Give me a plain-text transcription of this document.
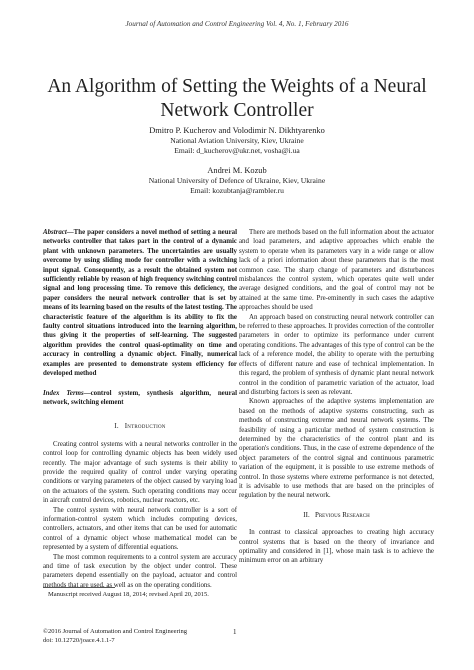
Journal of Automation and Control Engineering Vol. 4, No. 1, February 2016
An Algorithm of Setting the Weights of a Neural
Network Controller
Dmitro P. Kucherov and Volodimir N. Dikhtyarenko
National Aviation University, Kiev, Ukraine
Email: d_kucherov@ukr.net, vosha@i.ua
Andrei M. Kozub
National University of Defence of Ukraine, Kiev, Ukraine
Email: kozubtanja@rambler.ru
Abstract—The paper considers a novel method of setting a neural networks controller that takes part in the control of a dynamic plant with unknown parameters. The uncertainties are usually overcome by using sliding mode for controller with a switching input signal. Consequently, as a result the obtained system not sufficiently reliable by reason of high frequency switching control signal and long processing time. To remove this deficiency, the paper considers the neural network controller that is set by means of its learning based on the results of the latest testing. The characteristic feature of the algorithm is its ability to fix the faulty control situations introduced into the learning algorithm, thus giving it the properties of self-learning. The suggested algorithm provides the control quasi-optimality on time and accuracy in controlling a dynamic object. Finally, numerical examples are presented to demonstrate system efficiency for developed method
Index Terms—control system, synthesis algorithm, neural network, switching element
I. Introduction

Creating control systems with a neural networks controller in the control loop for controlling dynamic objects has been widely used recently. The major advantage of such systems is their ability to provide the required quality of control under varying operating conditions or varying parameters of the object caused by varying load on the actuators of the system. Such operating conditions may occur in aircraft control devices, robotics, nuclear reactors, etc.

The control system with neural network controller is a sort of information-control system which includes computing devices, controllers, actuators, and other items that can be used for automatic control of a dynamic object whose mathematical model can be represented by a system of differential equations.

The most common requirements to a control system are accuracy and time of task execution by the object under control. These parameters depend essentially on the payload, actuator and control methods that are used, as well as on the operating conditions.

There are methods based on the full information about the actuator and load parameters, and adaptive approaches which enable the system to operate when its parameters vary in a wide range or allow lack of a priori information about these parameters that is the most common case. The sharp change of parameters and disturbances misbalances the control system, which operates quite well under average designed conditions, and the goal of control may not be attained at the same time. Pre-eminently in such cases the adaptive approaches should be used

An approach based on constructing neural network controller can be referred to these approaches. It provides correction of the controller parameters in order to optimize its performance under current operating conditions. The advantages of this type of control can be the lack of a reference model, the ability to operate with the perturbing effects of different nature and ease of technical implementation. In this regard, the problem of synthesis of dynamic plant neural network control in the condition of parametric variation of the actuator, load and disturbing factors is seen as relevant.

Known approaches of the adaptive systems implementation are based on the methods of adaptive systems constructing, such as methods of constructing extreme and neural network systems. The feasibility of using a particular method of system construction is determined by the characteristics of the control plant and its operation's conditions. Thus, in the case of extreme dependence of the object parameters of the control signal and continuous parametric variation of the equipment, it is possible to use extreme methods of control. In those systems where extreme performance is not detected, it is advisable to use methods that are based on the principles of regulation by the neural network.

II. Previous Research

In contrast to classical approaches to creating high accuracy control systems that is based on the theory of invariance and optimality and considered in [1], whose main task is to achieve the minimum error on an arbitrary

Manuscript received August 18, 2014; revised April 20, 2015.
©2016 Journal of Automation and Control Engineering
doi: 10.12720/joace.4.1.1-7
1
